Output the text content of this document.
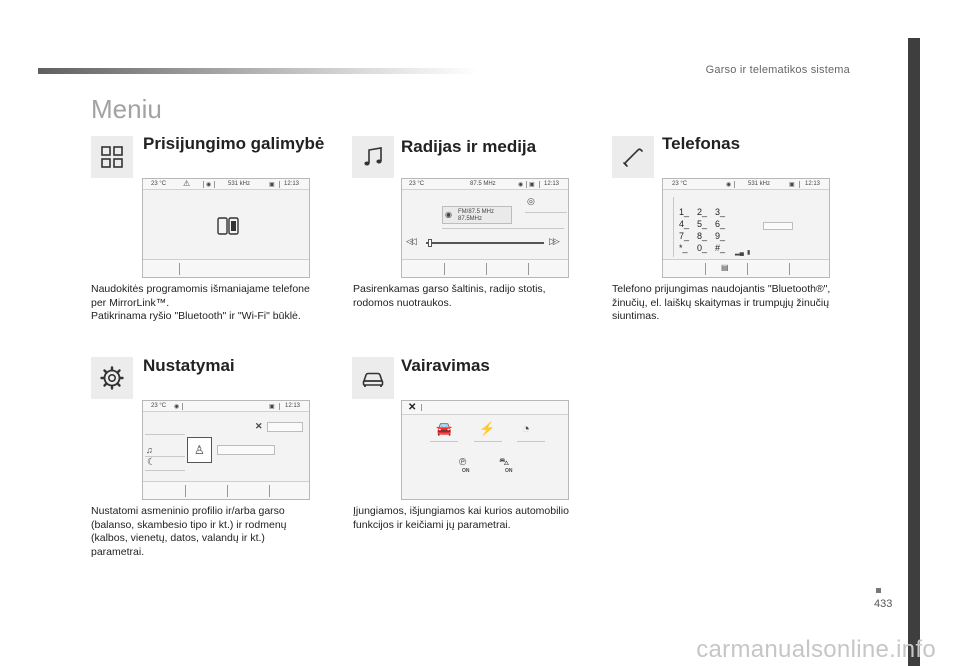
Garso ir telematikos sistema
Meniu
433
carmanualsonline.info
Prisijungimo galimybė
23 °C ⚠	◉	531 kHz	▣ 12:13
Naudokitės programomis išmaniajame telefone
per MirrorLink™.
Patikrinama ryšio "Bluetooth" ir "Wi-Fi" būklė.
Radijas ir medija
23 °C	87.5 MHz	◉ ▣ 12:13
◎
◉ FM/87.5 MHz
87.5MHz
◁◁	▷▷
Pasirenkamas garso šaltinis, radijo stotis,
rodomos nuotraukos.
Telefonas
23 °C	◉	531 kHz	▣ 12:13
1_ 2_ 3_
4_ 5_ 6_
7_ 8_ 9_
*_	0_ #_	▂▄ ▮
▤
Telefono prijungimas naudojantis "Bluetooth®",
žinučių, el. laiškų skaitymas ir trumpųjų žinučių
siuntimas.
Nustatymai
23 °C ◉	▣ 12:13
✕
♫
☾
♙
Nustatomi asmeninio profilio ir/arba garso
(balanso, skambesio tipo ir kt.) ir rodmenų
(kalbos, vienetų, datos, valandų ir kt.)
parametrai.
Vairavimas
✕
🚘 ⚡ ◔
℗
ON
⛍
ON
Įjungiamos, išjungiamos kai kurios automobilio
funkcijos ir keičiami jų parametrai.
